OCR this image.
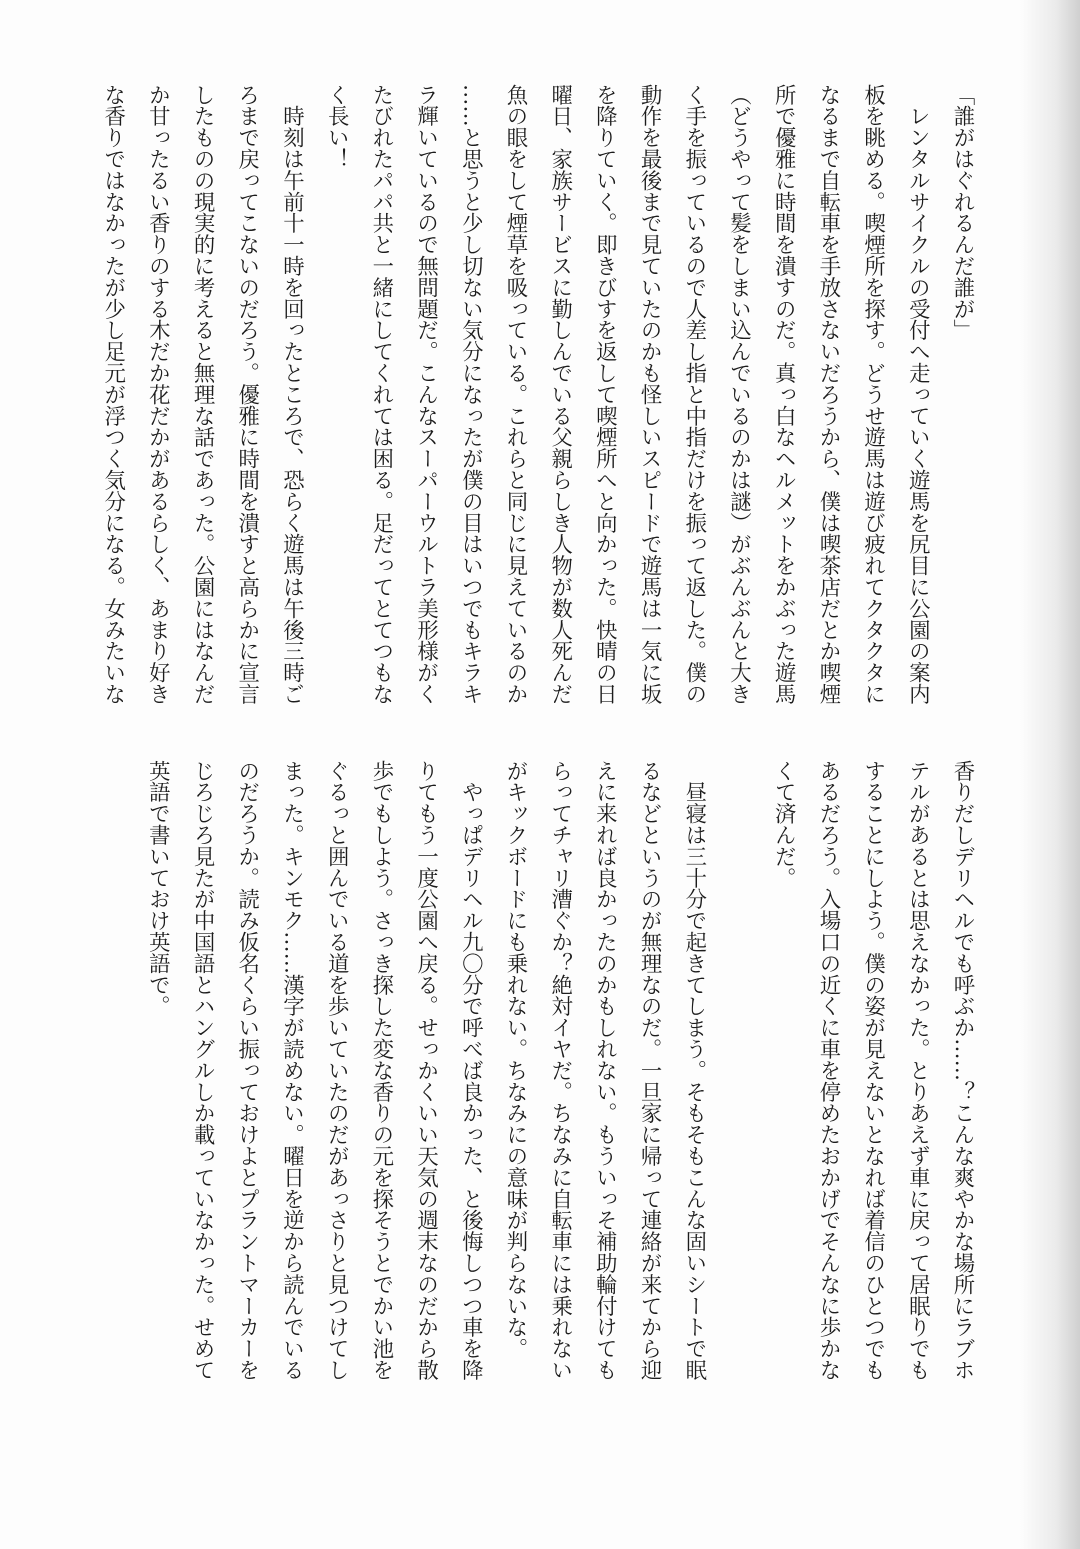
「誰がはぐれるんだ誰が」
　レンタルサイクルの受付へ走っていく遊馬を尻目に公園の案内
板を眺める。喫煙所を探す。どうせ遊馬は遊び疲れてクタクタに
なるまで自転車を手放さないだろうから、僕は喫茶店だとか喫煙
所で優雅に時間を潰すのだ。真っ白なヘルメットをかぶった遊馬
（どうやって髪をしまい込んでいるのかは謎）がぶんぶんと大き
く手を振っているので人差し指と中指だけを振って返した。僕の
動作を最後まで見ていたのかも怪しいスピードで遊馬は一気に坂
を降りていく。即きびすを返して喫煙所へと向かった。快晴の日
曜日、家族サービスに勤しんでいる父親らしき人物が数人死んだ
魚の眼をして煙草を吸っている。これらと同じに見えているのか
……と思うと少し切ない気分になったが僕の目はいつでもキラキ
ラ輝いているので無問題だ。こんなスーパーウルトラ美形様がく
たびれたパパ共と一緒にしてくれては困る。足だってとてつもな
く長い！
　時刻は午前十一時を回ったところで、恐らく遊馬は午後三時ご
ろまで戻ってこないのだろう。優雅に時間を潰すと高らかに宣言
したものの現実的に考えると無理な話であった。公園にはなんだ
か甘ったるい香りのする木だか花だかがあるらしく、あまり好き
な香りではなかったが少し足元が浮つく気分になる。女みたいな
香りだしデリヘルでも呼ぶか……？こんな爽やかな場所にラブホ
テルがあるとは思えなかった。とりあえず車に戻って居眠りでも
することにしよう。僕の姿が見えないとなれば着信のひとつでも
あるだろう。入場口の近くに車を停めたおかげでそんなに歩かな
くて済んだ。
　昼寝は三十分で起きてしまう。そもそもこんな固いシートで眠
るなどというのが無理なのだ。一旦家に帰って連絡が来てから迎
えに来れば良かったのかもしれない。もういっそ補助輪付けても
らってチャリ漕ぐか？絶対イヤだ。ちなみに自転車には乗れない
がキックボードにも乗れない。ちなみにの意味が判らないな。
　やっぱデリヘル九〇分で呼べば良かった、と後悔しつつ車を降
りてもう一度公園へ戻る。せっかくいい天気の週末なのだから散
歩でもしよう。さっき探した変な香りの元を探そうとでかい池を
ぐるっと囲んでいる道を歩いていたのだがあっさりと見つけてし
まった。キンモク……漢字が読めない。曜日を逆から読んでいる
のだろうか。読み仮名くらい振っておけよとプラントマーカーを
じろじろ見たが中国語とハングルしか載っていなかった。せめて
英語で書いておけ英語で。
